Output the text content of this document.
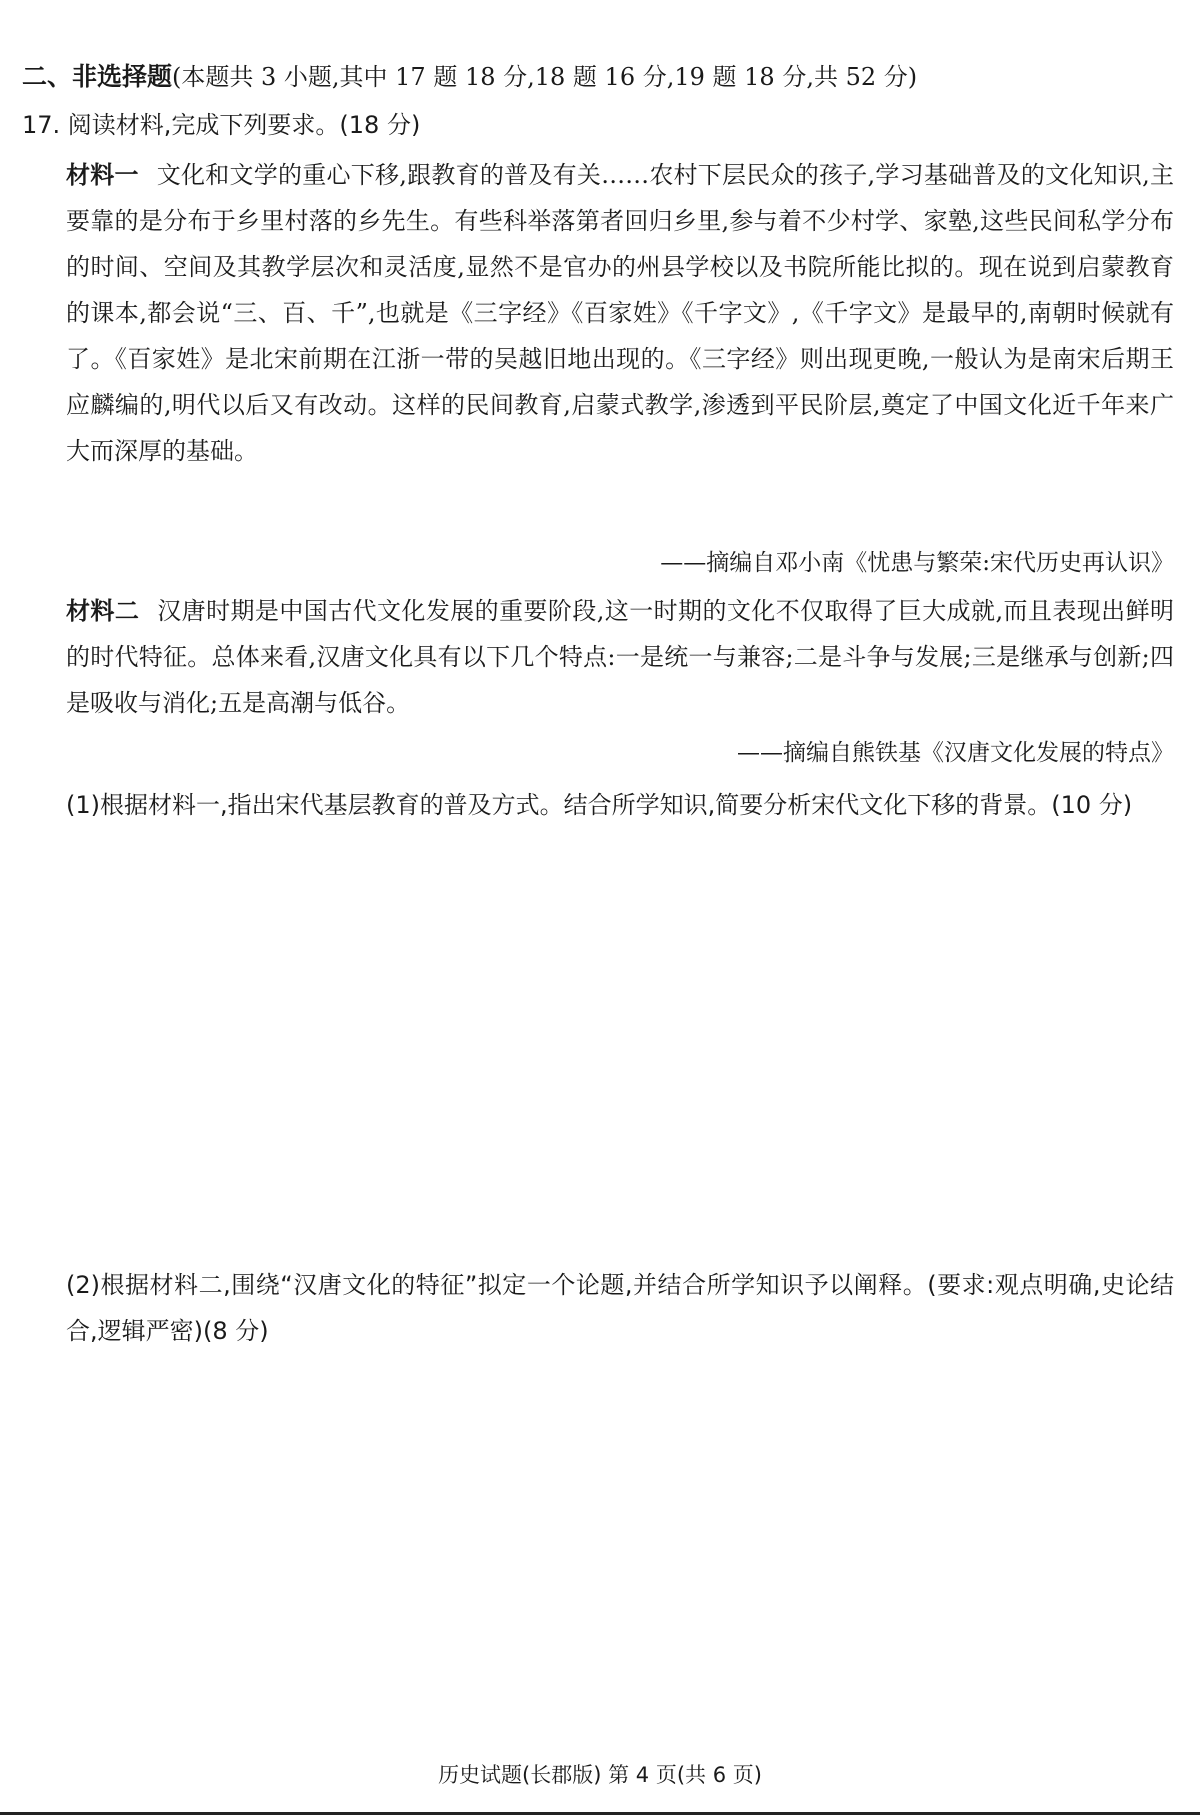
二、非选择题(本题共 3 小题,其中 17 题 18 分,18 题 16 分,19 题 18 分,共 52 分)
17. 阅读材料,完成下列要求。(18 分)

材料一 文化和文学的重心下移,跟教育的普及有关……农村下层民众的孩子,学习基础普及的文化知识,主要靠的是分布于乡里村落的乡先生。有些科举落第者回归乡里,参与着不少村学、家塾,这些民间私学分布的时间、空间及其教学层次和灵活度,显然不是官办的州县学校以及书院所能比拟的。现在说到启蒙教育的课本,都会说“三、百、千”,也就是《三字经》《百家姓》《千字文》,《千字文》是最早的,南朝时候就有了。《百家姓》是北宋前期在江浙一带的吴越旧地出现的。《三字经》则出现更晚,一般认为是南宋后期王应麟编的,明代以后又有改动。这样的民间教育,启蒙式教学,渗透到平民阶层,奠定了中国文化近千年来广大而深厚的基础。

——摘编自邓小南《忧患与繁荣:宋代历史再认识》

材料二 汉唐时期是中国古代文化发展的重要阶段,这一时期的文化不仅取得了巨大成就,而且表现出鲜明的时代特征。总体来看,汉唐文化具有以下几个特点:一是统一与兼容;二是斗争与发展;三是继承与创新;四是吸收与消化;五是高潮与低谷。

——摘编自熊铁基《汉唐文化发展的特点》

(1)根据材料一,指出宋代基层教育的普及方式。结合所学知识,简要分析宋代文化下移的背景。(10 分)

(2)根据材料二,围绕“汉唐文化的特征”拟定一个论题,并结合所学知识予以阐释。(要求:观点明确,史论结合,逻辑严密)(8 分)

历史试题(长郡版) 第 4 页(共 6 页)
